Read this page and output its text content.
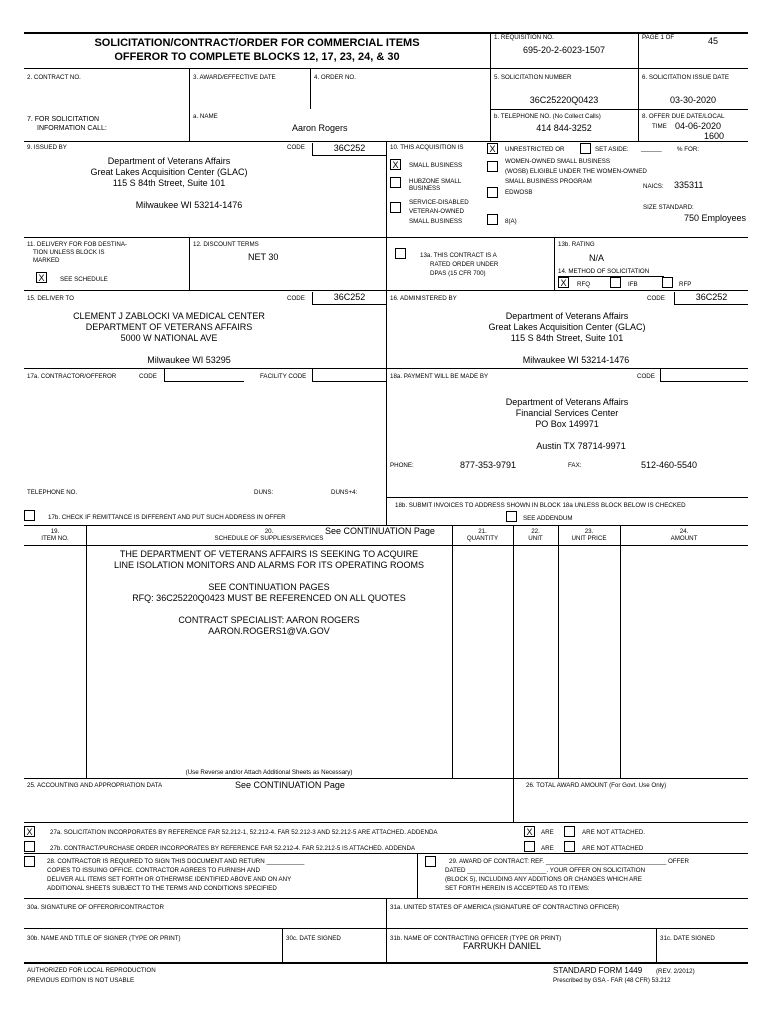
SOLICITATION/CONTRACT/ORDER FOR COMMERCIAL ITEMS
OFFEROR TO COMPLETE BLOCKS 12, 17, 23, 24, & 30
1. REQUISITION NO.
695-20-2-6023-1507
PAGE 1 OF	45
2. CONTRACT NO.	3. AWARD/EFFECTIVE DATE	4. ORDER NO.	5. SOLICITATION NUMBER
36C25220Q0423
6. SOLICITATION ISSUE DATE
03-30-2020
7. FOR SOLICITATION
INFORMATION CALL:
a. NAME
Aaron Rogers
b. TELEPHONE NO. (No Collect Calls)
414 844-3252
8. OFFER DUE DATE/LOCAL
TIME 04-06-2020
1600
9. ISSUED BY	CODE	36C252
Department of Veterans Affairs
Great Lakes Acquisition Center (GLAC)
115 S 84th Street, Suite 101
Milwaukee WI 53214-1476
10. THIS ACQUISITION IS	X	UNRESTRICTED OR	SET ASIDE: ______ % FOR:
X	SMALL BUSINESS
HUBZONE SMALL
BUSINESS
SERVICE-DISABLED
VETERAN-OWNED
SMALL BUSINESS
WOMEN-OWNED SMALL BUSINESS
(WOSB) ELIGIBLE UNDER THE WOMEN-OWNED
SMALL BUSINESS PROGRAM
EDWOSB
8(A)
NAICS: 335311
SIZE STANDARD:
750 Employees
11. DELIVERY FOR FOB DESTINA-
TION UNLESS BLOCK IS
MARKED
X	SEE SCHEDULE
12. DISCOUNT TERMS
NET 30	13a. THIS CONTRACT IS A
RATED ORDER UNDER
DPAS (15 CFR 700)
13b. RATING
N/A
14. METHOD OF SOLICITATION
X	RFQ	IFB	RFP
15. DELIVER TO	CODE	36C252
CLEMENT J ZABLOCKI VA MEDICAL CENTER
DEPARTMENT OF VETERANS AFFAIRS
5000 W NATIONAL AVE
Milwaukee WI 53295
16. ADMINISTERED BY	CODE	36C252
Department of Veterans Affairs
Great Lakes Acquisition Center (GLAC)
115 S 84th Street, Suite 101
Milwaukee WI 53214-1476
17a. CONTRACTOR/OFFEROR	CODE	FACILITY CODE
TELEPHONE NO.	DUNS:	DUNS+4:
17b. CHECK IF REMITTANCE IS DIFFERENT AND PUT SUCH ADDRESS IN OFFER
18a. PAYMENT WILL BE MADE BY	CODE
Department of Veterans Affairs
Financial Services Center
PO Box 149971
Austin TX 78714-9971
PHONE:	877-353-9791	FAX:	512-460-5540
18b. SUBMIT INVOICES TO ADDRESS SHOWN IN BLOCK 18a UNLESS BLOCK BELOW IS CHECKED
SEE ADDENDUM
19.
ITEM NO.
20.
SCHEDULE OF SUPPLIES/SERVICES
See CONTINUATION Page	21.
QUANTITY
22.
UNIT
23.
UNIT PRICE
24.
AMOUNT
THE DEPARTMENT OF VETERANS AFFAIRS IS SEEKING TO ACQUIRE
LINE ISOLATION MONITORS AND ALARMS FOR ITS OPERATING ROOMS
SEE CONTINUATION PAGES
RFQ: 36C25220Q0423 MUST BE REFERENCED ON ALL QUOTES
CONTRACT SPECIALIST: AARON ROGERS
AARON.ROGERS1@VA.GOV
(Use Reverse and/or Attach Additional Sheets as Necessary)
25. ACCOUNTING AND APPROPRIATION DATA	See CONTINUATION Page	26. TOTAL AWARD AMOUNT (For Govt. Use Only)
X	27a. SOLICITATION INCORPORATES BY REFERENCE FAR 52.212-1, 52.212-4. FAR 52.212-3 AND 52.212-5 ARE ATTACHED. ADDENDA	X	ARE	ARE NOT ATTACHED.
27b. CONTRACT/PURCHASE ORDER INCORPORATES BY REFERENCE FAR 52.212-4. FAR 52.212-5 IS ATTACHED. ADDENDA	ARE	ARE NOT ATTACHED
28. CONTRACTOR IS REQUIRED TO SIGN THIS DOCUMENT AND RETURN ___________
COPIES TO ISSUING OFFICE. CONTRACTOR AGREES TO FURNISH AND
DELIVER ALL ITEMS SET FORTH OR OTHERWISE IDENTIFIED ABOVE AND ON ANY
ADDITIONAL SHEETS SUBJECT TO THE TERMS AND CONDITIONS SPECIFIED
29. AWARD OF CONTRACT: REF. ___________________________________ OFFER
DATED _______________________. YOUR OFFER ON SOLICITATION
(BLOCK 5), INCLUDING ANY ADDITIONS OR CHANGES WHICH ARE
SET FORTH HEREIN IS ACCEPTED AS TO ITEMS:
30a. SIGNATURE OF OFFEROR/CONTRACTOR	31a. UNITED STATES OF AMERICA (SIGNATURE OF CONTRACTING OFFICER)
30b. NAME AND TITLE OF SIGNER (TYPE OR PRINT)	30c. DATE SIGNED	31b. NAME OF CONTRACTING OFFICER (TYPE OR PRINT)
FARRUKH DANIEL
31c. DATE SIGNED
AUTHORIZED FOR LOCAL REPRODUCTION
PREVIOUS EDITION IS NOT USABLE
STANDARD FORM 1449 (REV. 2/2012)
Prescribed by GSA - FAR (48 CFR) 53.212
